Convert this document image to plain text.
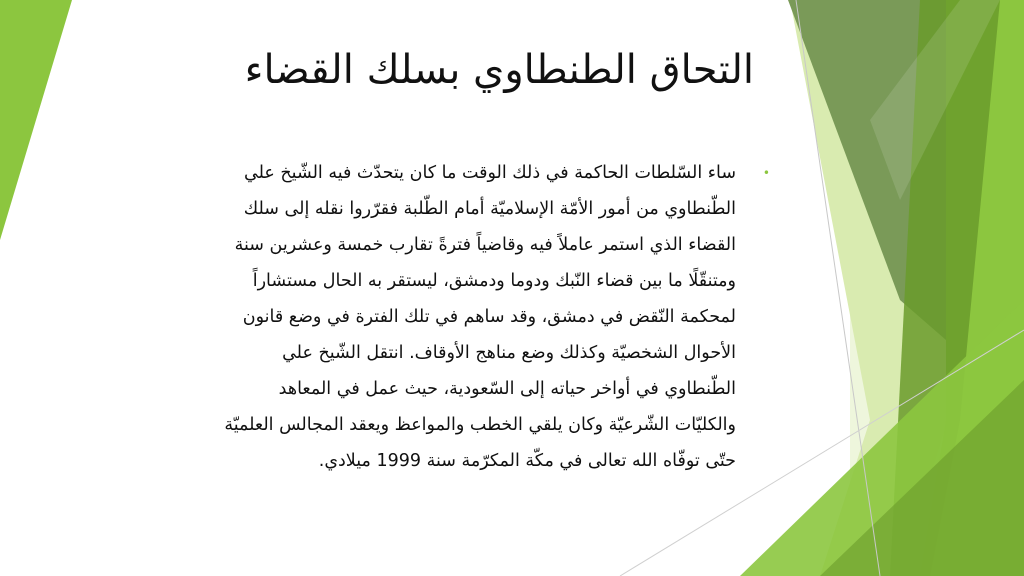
التحاق الطنطاوي بسلك القضاء
•
ساء السّلطات الحاكمة في ذلك الوقت ما كان يتحدّث فيه الشّيخ علي
الطّنطاوي من أمور الأمّة الإسلاميّة أمام الطّلبة فقرّروا نقله إلى سلك
القضاء الذي استمر عاملاً فيه وقاضياً فترةً تقارب خمسة وعشرين سنة
ومتنقّلًا ما بين قضاء النّبك ودوما ودمشق، ليستقر به الحال مستشاراً
لمحكمة النّقض في دمشق، وقد ساهم في تلك الفترة في وضع قانون
الأحوال الشخصيّة وكذلك وضع مناهج الأوقاف. انتقل الشّيخ علي
الطّنطاوي في أواخر حياته إلى السّعودية، حيث عمل في المعاهد
والكليّات الشّرعيّة وكان يلقي الخطب والمواعظ ويعقد المجالس العلميّة
حتّى توفّاه الله تعالى في مكّة المكرّمة سنة 1999 ميلادي.
